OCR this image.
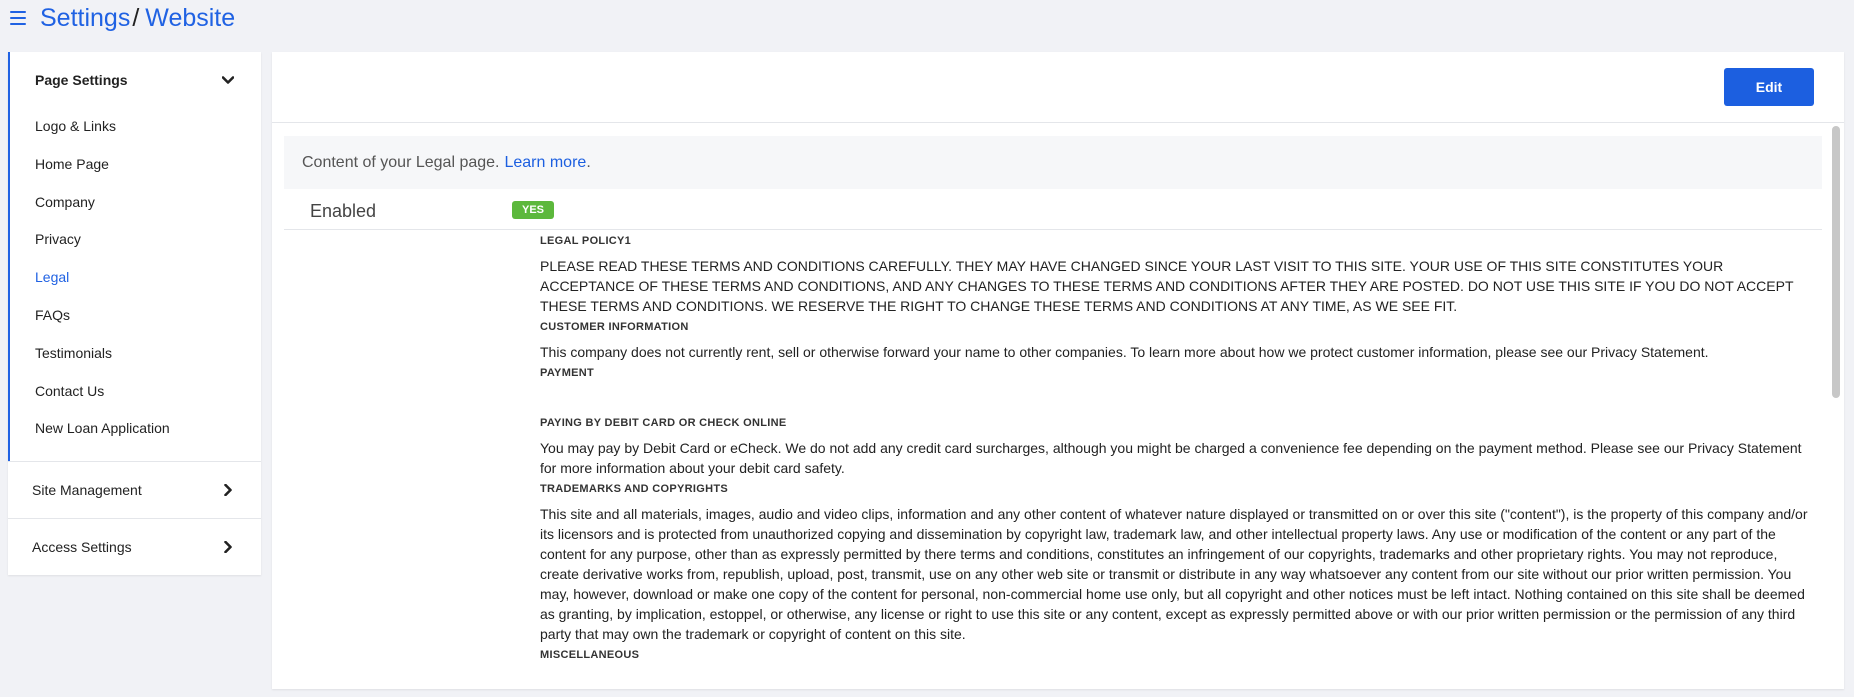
Settings/ Website
Page Settings
Logo & Links
Home Page
Company
Privacy
Legal
FAQs
Testimonials
Contact Us
New Loan Application
Site Management
Access Settings
Edit
Content of your Legal page. Learn more .
Enabled	YES
LEGAL POLICY1
PLEASE READ THESE TERMS AND CONDITIONS CAREFULLY. THEY MAY HAVE CHANGED SINCE YOUR LAST VISIT TO THIS SITE. YOUR USE OF THIS SITE CONSTITUTES YOUR ACCEPTANCE OF THESE TERMS AND CONDITIONS, AND ANY CHANGES TO THESE TERMS AND CONDITIONS AFTER THEY ARE POSTED. DO NOT USE THIS SITE IF YOU DO NOT ACCEPT THESE TERMS AND CONDITIONS. WE RESERVE THE RIGHT TO CHANGE THESE TERMS AND CONDITIONS AT ANY TIME, AS WE SEE FIT.
CUSTOMER INFORMATION
This company does not currently rent, sell or otherwise forward your name to other companies. To learn more about how we protect customer information, please see our Privacy Statement.
PAYMENT
PAYING BY DEBIT CARD OR CHECK ONLINE
You may pay by Debit Card or eCheck. We do not add any credit card surcharges, although you might be charged a convenience fee depending on the payment method. Please see our Privacy Statement for more information about your debit card safety.
TRADEMARKS AND COPYRIGHTS
This site and all materials, images, audio and video clips, information and any other content of whatever nature displayed or transmitted on or over this site ("content"), is the property of this company and/or its licensors and is protected from unauthorized copying and dissemination by copyright law, trademark law, and other intellectual property laws. Any use or modification of the content or any part of the content for any purpose, other than as expressly permitted by there terms and conditions, constitutes an infringement of our copyrights, trademarks and other proprietary rights. You may not reproduce, create derivative works from, republish, upload, post, transmit, use on any other web site or transmit or distribute in any way whatsoever any content from our site without our prior written permission. You may, however, download or make one copy of the content for personal, non-commercial home use only, but all copyright and other notices must be left intact. Nothing contained on this site shall be deemed as granting, by implication, estoppel, or otherwise, any license or right to use this site or any content, except as expressly permitted above or with our prior written permission or the permission of any third party that may own the trademark or copyright of content on this site.
MISCELLANEOUS
